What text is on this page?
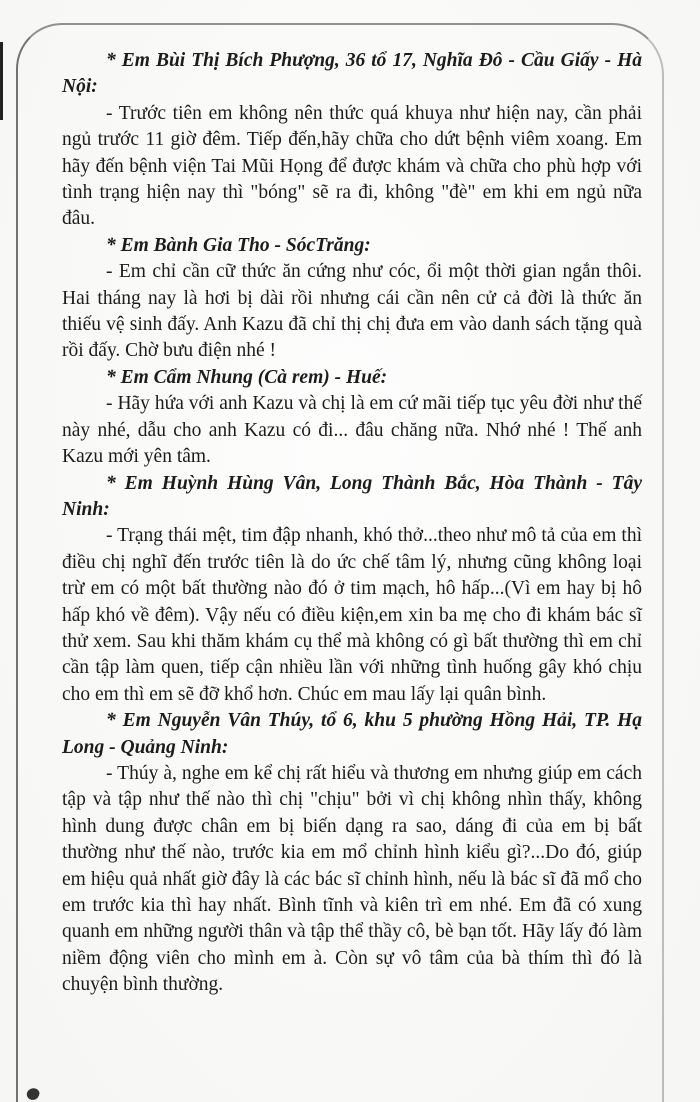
* Em Bùi Thị Bích Phượng, 36 tổ 17, Nghĩa Đô - Cầu Giấy - Hà Nội:

- Trước tiên em không nên thức quá khuya như hiện nay, cần phải ngủ trước 11 giờ đêm. Tiếp đến,hãy chữa cho dứt bệnh viêm xoang. Em hãy đến bệnh viện Tai Mũi Họng để được khám và chữa cho phù hợp với tình trạng hiện nay thì "bóng" sẽ ra đi, không "đè" em khi em ngủ nữa đâu.

* Em Bành Gia Tho - SócTrăng:

- Em chỉ cần cữ thức ăn cứng như cóc, ổi một thời gian ngắn thôi. Hai tháng nay là hơi bị dài rồi nhưng cái cần nên cử cả đời là thức ăn thiếu vệ sinh đấy. Anh Kazu đã chỉ thị chị đưa em vào danh sách tặng quà rồi đấy. Chờ bưu điện nhé !

* Em Cẩm Nhung (Cà rem) - Huế:

- Hãy hứa với anh Kazu và chị là em cứ mãi tiếp tục yêu đời như thế này nhé, dẫu cho anh Kazu có đi... đâu chăng nữa. Nhớ nhé ! Thế anh Kazu mới yên tâm.

* Em Huỳnh Hùng Vân, Long Thành Bắc, Hòa Thành - Tây Ninh:

- Trạng thái mệt, tim đập nhanh, khó thở...theo như mô tả của em thì điều chị nghĩ đến trước tiên là do ức chế tâm lý, nhưng cũng không loại trừ em có một bất thường nào đó ở tim mạch, hô hấp...(Vì em hay bị hô hấp khó về đêm). Vậy nếu có điều kiện,em xin ba mẹ cho đi khám bác sĩ thử xem. Sau khi thăm khám cụ thể mà không có gì bất thường thì em chỉ cần tập làm quen, tiếp cận nhiều lần với những tình huống gây khó chịu cho em thì em sẽ đỡ khổ hơn. Chúc em mau lấy lại quân bình.

* Em Nguyễn Vân Thúy, tổ 6, khu 5 phường Hồng Hải, TP. Hạ Long - Quảng Ninh:

- Thúy à, nghe em kể chị rất hiểu và thương em nhưng giúp em cách tập và tập như thế nào thì chị "chịu" bởi vì chị không nhìn thấy, không hình dung được chân em bị biến dạng ra sao, dáng đi của em bị bất thường như thế nào, trước kia em mổ chỉnh hình kiểu gì?...Do đó, giúp em hiệu quả nhất giờ đây là các bác sĩ chỉnh hình, nếu là bác sĩ đã mổ cho em trước kia thì hay nhất. Bình tĩnh và kiên trì em nhé. Em đã có xung quanh em những người thân và tập thể thầy cô, bè bạn tốt. Hãy lấy đó làm niềm động viên cho mình em à. Còn sự vô tâm của bà thím thì đó là chuyện bình thường.
